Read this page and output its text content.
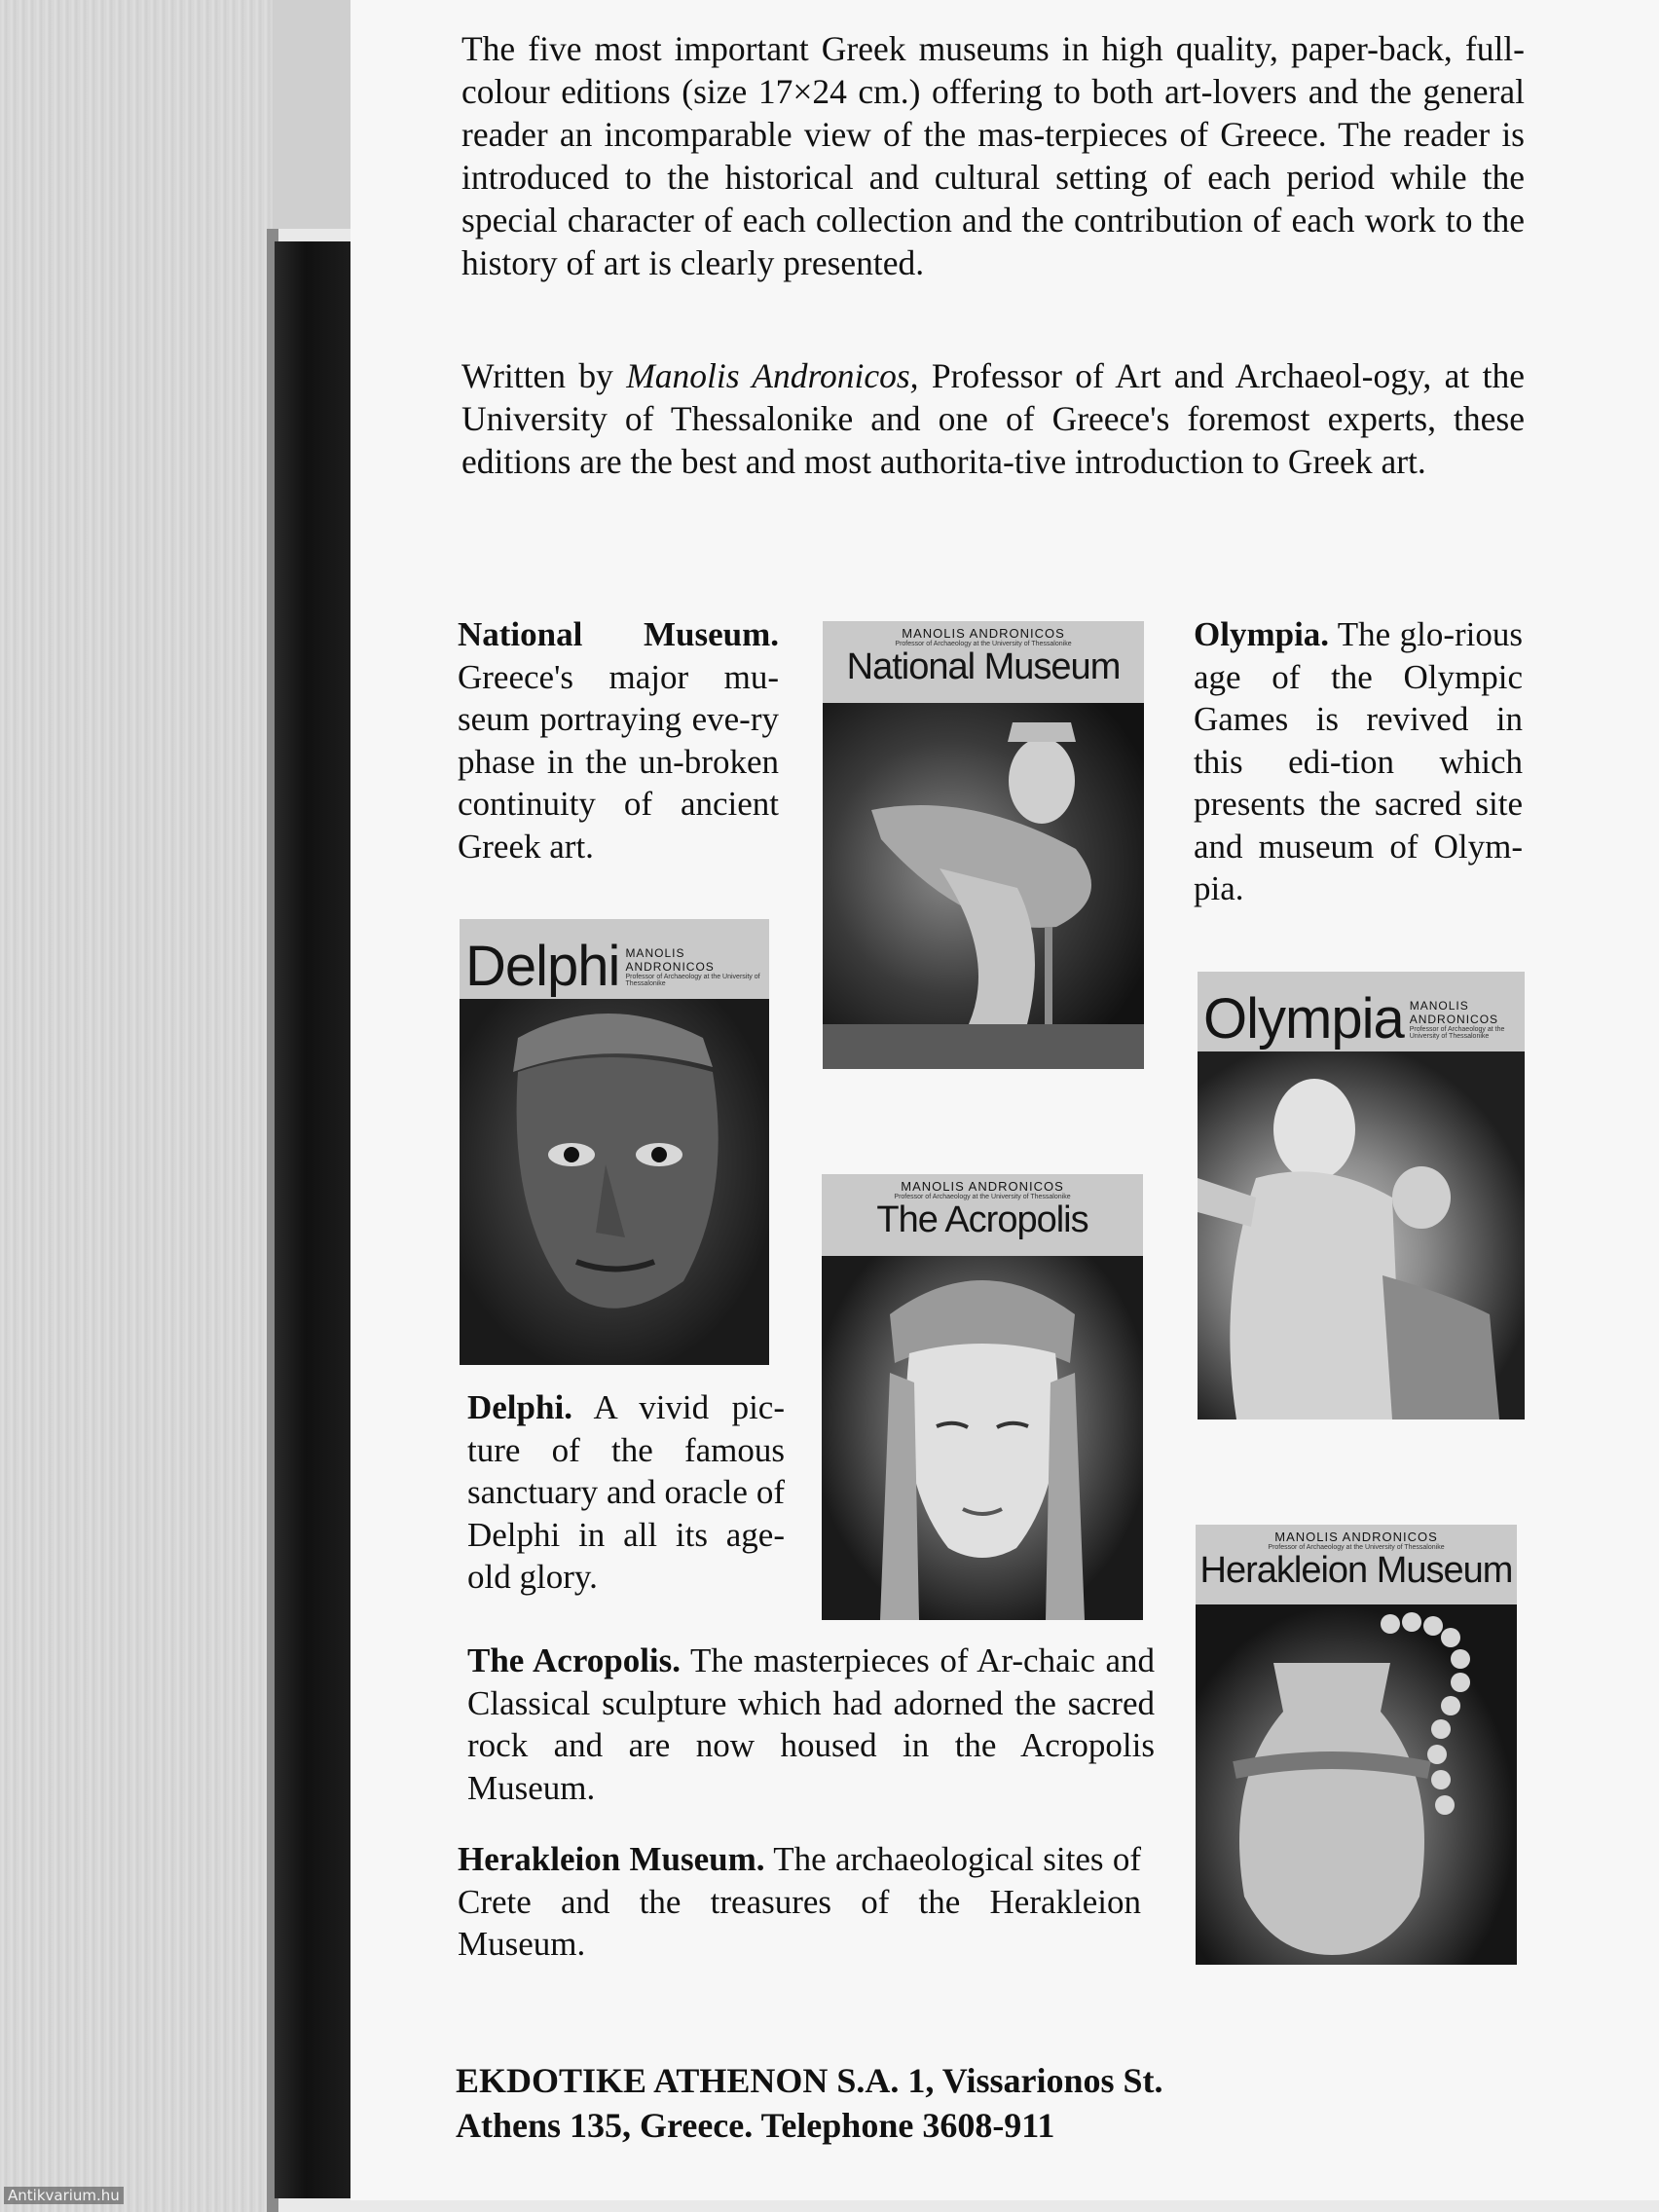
The five most important Greek museums in high quality, paper-back, full-colour editions (size 17×24 cm.) offering to both art-lovers and the general reader an incomparable view of the mas-terpieces of Greece. The reader is introduced to the historical and cultural setting of each period while the special character of each collection and the contribution of each work to the history of art is clearly presented.

Written by Manolis Andronicos, Professor of Art and Archaeol-ogy, at the University of Thessalonike and one of Greece's foremost experts, these editions are the best and most authorita-tive introduction to Greek art.

National Museum. Greece's major mu-seum portraying eve-ry phase in the un-broken continuity of ancient Greek art.

Olympia. The glo-rious age of the Olympic Games is revived in this edi-tion which presents the sacred site and museum of Olym-pia.

Delphi. A vivid pic-ture of the famous sanctuary and oracle of Delphi in all its age-old glory.

The Acropolis. The masterpieces of Ar-chaic and Classical sculpture which had adorned the sacred rock and are now housed in the Acropolis Museum.

Herakleion Museum. The archaeological sites of Crete and the treasures of the Herakleion Museum.

MANOLIS ANDRONICOS
Professor of Archaeology at the University of Thessalonike
National Museum
Delphi MANOLIS ANDRONICOS
Professor of Archaeology at the University of Thessalonike
MANOLIS ANDRONICOS
Professor of Archaeology at the University of Thessalonike
The Acropolis
Olympia MANOLIS ANDRONICOS
Professor of Archaeology at the University of Thessalonike
MANOLIS ANDRONICOS
Professor of Archaeology at the University of Thessalonike
Herakleion Museum

EKDOTIKE ATHENON S.A. 1, Vissarionos St.
Athens 135, Greece. Telephone 3608-911

Antikvarium.hu
